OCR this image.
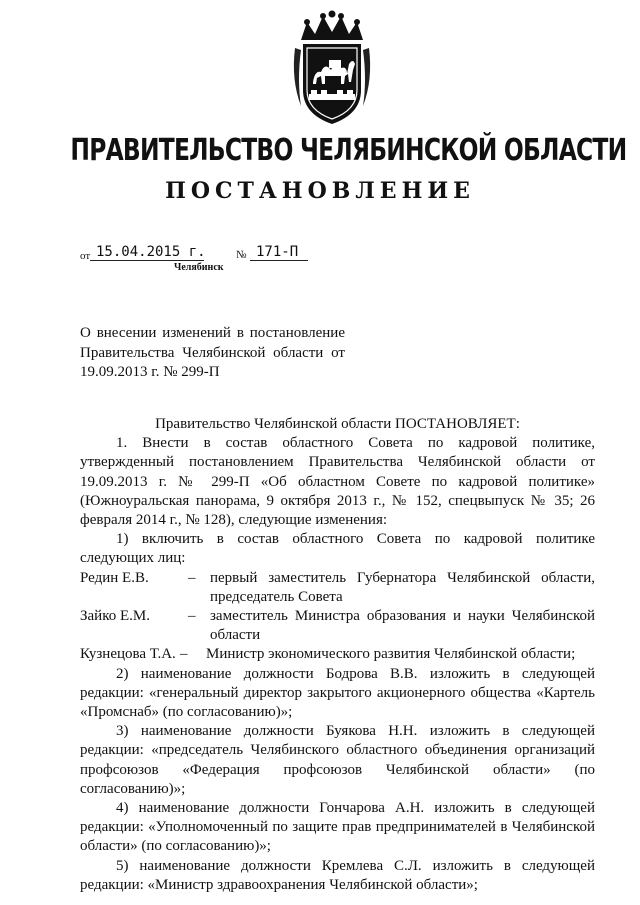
ПРАВИТЕЛЬСТВО ЧЕЛЯБИНСКОЙ ОБЛАСТИ
ПОСТАНОВЛЕНИЕ
от 15.04.2015 г.	№ 171-П
Челябинск
О внесении изменений в постановление Правительства Челябинской области от 19.09.2013 г. № 299-П

Правительство Челябинской области ПОСТАНОВЛЯЕТ:

1. Внести в состав областного Совета по кадровой политике, утвержденный постановлением Правительства Челябинской области от 19.09.2013 г. № 299-П «Об областном Совете по кадровой политике» (Южноуральская панорама, 9 октября 2013 г., № 152, спецвыпуск № 35; 26 февраля 2014 г., № 128), следующие изменения:

1) включить в состав областного Совета по кадровой политике следующих лиц:

Редин Е.В.	– первый заместитель Губернатора Челябинской области, председатель Совета
Зайко Е.М.	– заместитель Министра образования и науки Челябинской области
Кузнецова Т.А. –	Министр экономического развития Челябинской области;

2) наименование должности Бодрова В.В. изложить в следующей редакции: «генеральный директор закрытого акционерного общества «Картель «Промснаб» (по согласованию)»;

3) наименование должности Буякова Н.Н. изложить в следующей редакции: «председатель Челябинского областного объединения организаций профсоюзов «Федерация профсоюзов Челябинской области» (по согласованию)»;

4) наименование должности Гончарова А.Н. изложить в следующей редакции: «Уполномоченный по защите прав предпринимателей в Челябинской области» (по согласованию)»;

5) наименование должности Кремлева С.Л. изложить в следующей редакции: «Министр здравоохранения Челябинской области»;
